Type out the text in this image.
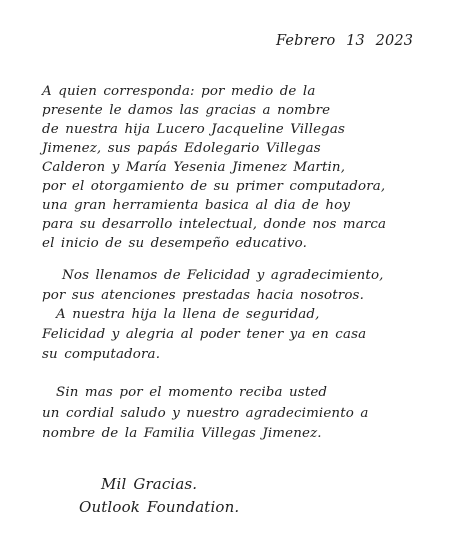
Febrero 13 2023
A quien corresponda: por medio de la
presente le damos las gracias a nombre
de nuestra hija Lucero Jacqueline Villegas
Jimenez, sus papás Edolegario Villegas
Calderon y María Yesenia Jimenez Martin,
por el otorgamiento de su primer computadora,
una gran herramienta basica al dia de hoy
para su desarrollo intelectual, donde nos marca
el inicio de su desempeño educativo.
Nos llenamos de Felicidad y agradecimiento,
por sus atenciones prestadas hacia nosotros.
A nuestra hija la llena de seguridad,
Felicidad y alegria al poder tener ya en casa
su computadora.
Sin mas por el momento reciba usted
un cordial saludo y nuestro agradecimiento a
nombre de la Familia Villegas Jimenez.
Mil Gracias.
Outlook Foundation.
